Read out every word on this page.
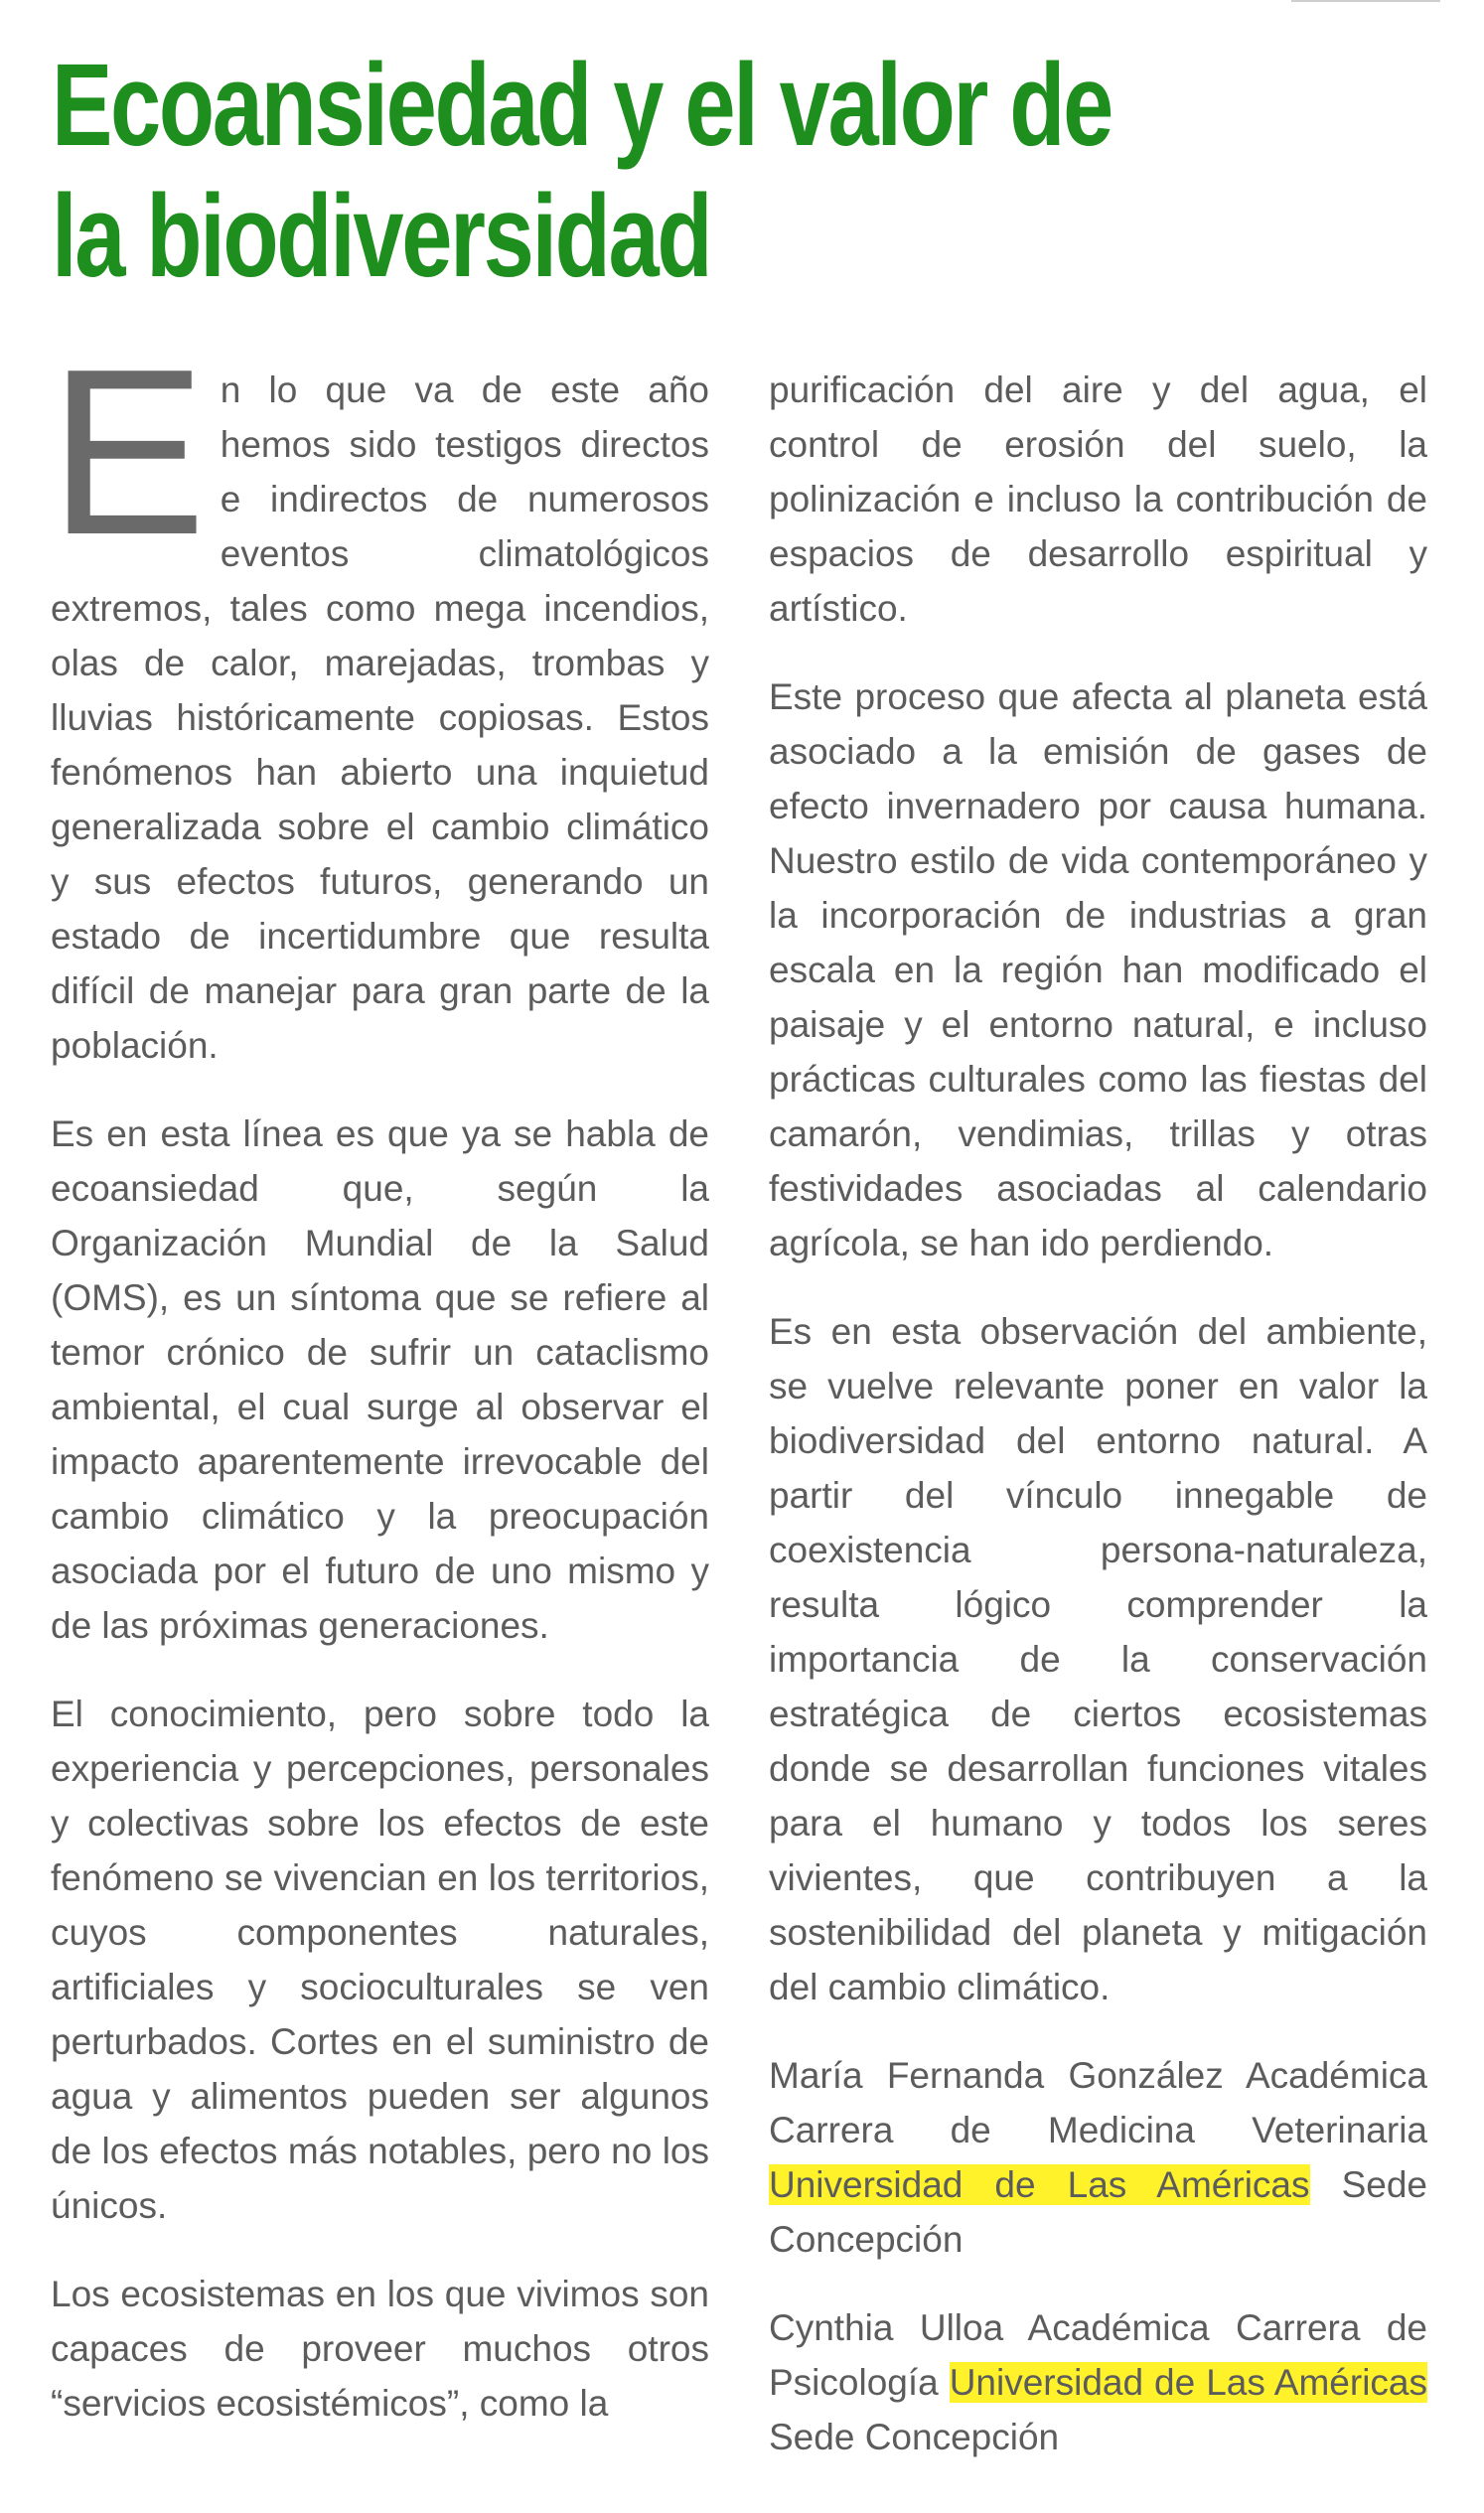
Ecoansiedad y el valor de la biodiversidad

En lo que va de este año hemos sido testigos directos e indirectos de numerosos eventos climatológicos extremos, tales como mega incendios, olas de calor, marejadas, trombas y lluvias históricamente copiosas. Estos fenómenos han abierto una inquietud generalizada sobre el cambio climático y sus efectos futuros, generando un estado de incertidumbre que resulta difícil de manejar para gran parte de la población.

Es en esta línea es que ya se habla de ecoansiedad que, según la Organización Mundial de la Salud (OMS), es un síntoma que se refiere al temor crónico de sufrir un cataclismo ambiental, el cual surge al observar el impacto aparentemente irrevocable del cambio climático y la preocupación asociada por el futuro de uno mismo y de las próximas generaciones.

El conocimiento, pero sobre todo la experiencia y percepciones, personales y colectivas sobre los efectos de este fenómeno se vivencian en los territorios, cuyos componentes naturales, artificiales y socioculturales se ven perturbados. Cortes en el suministro de agua y alimentos pueden ser algunos de los efectos más notables, pero no los únicos.

Los ecosistemas en los que vivimos son capaces de proveer muchos otros “servicios ecosistémicos”, como la

purificación del aire y del agua, el control de erosión del suelo, la polinización e incluso la contribución de espacios de desarrollo espiritual y artístico.

Este proceso que afecta al planeta está asociado a la emisión de gases de efecto invernadero por causa humana. Nuestro estilo de vida contemporáneo y la incorporación de industrias a gran escala en la región han modificado el paisaje y el entorno natural, e incluso prácticas culturales como las fiestas del camarón, vendimias, trillas y otras festividades asociadas al calendario agrícola, se han ido perdiendo.

Es en esta observación del ambiente, se vuelve relevante poner en valor la biodiversidad del entorno natural. A partir del vínculo innegable de coexistencia persona-naturaleza, resulta lógico comprender la importancia de la conservación estratégica de ciertos ecosistemas donde se desarrollan funciones vitales para el humano y todos los seres vivientes, que contribuyen a la sostenibilidad del planeta y mitigación del cambio climático.

María Fernanda González Académica Carrera de Medicina Veterinaria Universidad de Las Américas Sede Concepción

Cynthia Ulloa Académica Carrera de Psicología Universidad de Las Américas Sede Concepción
